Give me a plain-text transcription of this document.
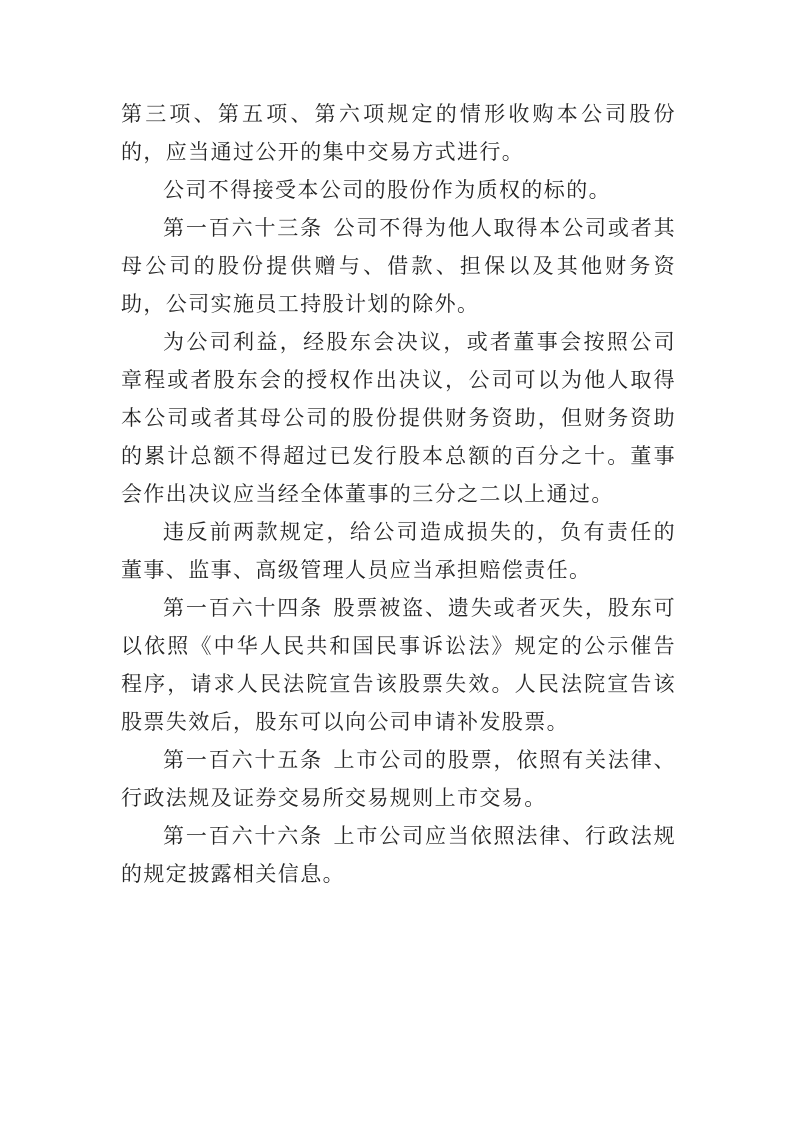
第三项、第五项、第六项规定的情形收购本公司股份的，应当通过公开的集中交易方式进行。

公司不得接受本公司的股份作为质权的标的。

第一百六十三条 公司不得为他人取得本公司或者其母公司的股份提供赠与、借款、担保以及其他财务资助，公司实施员工持股计划的除外。

为公司利益，经股东会决议，或者董事会按照公司章程或者股东会的授权作出决议，公司可以为他人取得本公司或者其母公司的股份提供财务资助，但财务资助的累计总额不得超过已发行股本总额的百分之十。董事会作出决议应当经全体董事的三分之二以上通过。

违反前两款规定，给公司造成损失的，负有责任的董事、监事、高级管理人员应当承担赔偿责任。

第一百六十四条 股票被盗、遗失或者灭失，股东可以依照《中华人民共和国民事诉讼法》规定的公示催告程序，请求人民法院宣告该股票失效。人民法院宣告该股票失效后，股东可以向公司申请补发股票。

第一百六十五条 上市公司的股票，依照有关法律、行政法规及证券交易所交易规则上市交易。

第一百六十六条 上市公司应当依照法律、行政法规的规定披露相关信息。
